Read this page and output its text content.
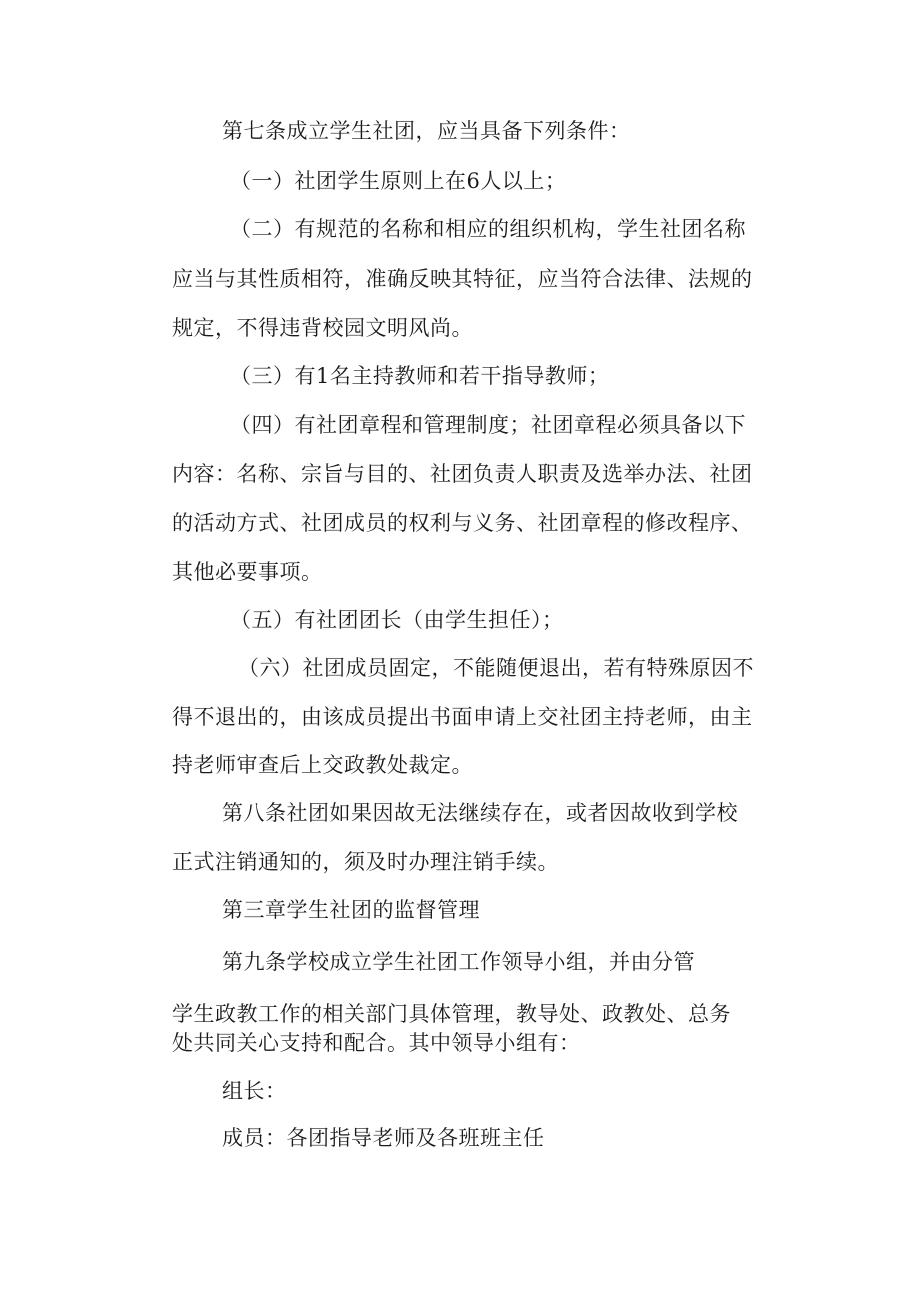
第七条成立学生社团，应当具备下列条件：
（一）社团学生原则上在6人以上；
（二）有规范的名称和相应的组织机构，学生社团名称
应当与其性质相符，准确反映其特征，应当符合法律、法规的
规定，不得违背校园文明风尚。
（三）有1名主持教师和若干指导教师；
（四）有社团章程和管理制度；社团章程必须具备以下
内容：名称、宗旨与目的、社团负责人职责及选举办法、社团
的活动方式、社团成员的权利与义务、社团章程的修改程序、
其他必要事项。
（五）有社团团长（由学生担任）；
（六）社团成员固定，不能随便退出，若有特殊原因不
得不退出的，由该成员提出书面申请上交社团主持老师，由主
持老师审查后上交政教处裁定。
第八条社团如果因故无法继续存在，或者因故收到学校
正式注销通知的，须及时办理注销手续。
第三章学生社团的监督管理
第九条学校成立学生社团工作领导小组，并由分管
学生政教工作的相关部门具体管理，教导处、政教处、总务
处共同关心支持和配合。其中领导小组有：
组长：
成员：各团指导老师及各班班主任
